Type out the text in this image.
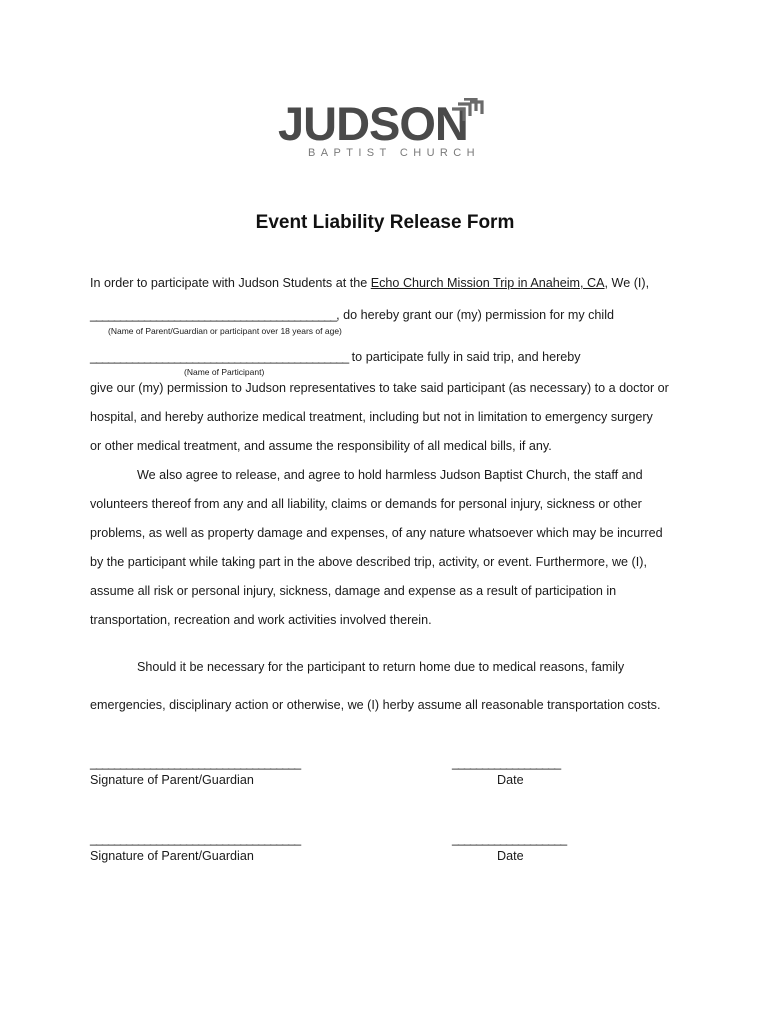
JUDSON
BAPTIST CHURCH
Event Liability Release Form
In order to participate with Judson Students at the Echo Church Mission Trip in Anaheim, CA, We (I),
_________________________________________, do hereby grant our (my) permission for my child
(Name of Parent/Guardian or participant over 18 years of age)
___________________________________________ to participate fully in said trip, and hereby
(Name of Participant)
give our (my) permission to Judson representatives to take said participant (as necessary) to a doctor or
hospital, and hereby authorize medical treatment, including but not in limitation to emergency surgery
or other medical treatment, and assume the responsibility of all medical bills, if any.
We also agree to release, and agree to hold harmless Judson Baptist Church, the staff and
volunteers thereof from any and all liability, claims or demands for personal injury, sickness or other
problems, as well as property damage and expenses, of any nature whatsoever which may be incurred
by the participant while taking part in the above described trip, activity, or event. Furthermore, we (I),
assume all risk or personal injury, sickness, damage and expense as a result of participation in
transportation, recreation and work activities involved therein.
Should it be necessary for the participant to return home due to medical reasons, family
emergencies, disciplinary action or otherwise, we (I) herby assume all reasonable transportation costs.
___________________________________	__________________
Signature of Parent/Guardian	Date
___________________________________	___________________
Signature of Parent/Guardian	Date
